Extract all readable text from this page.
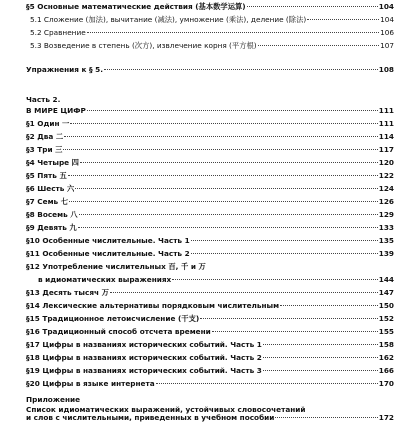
§5 Основные математические действия (基本数学运算)	104
5.1 Сложение (加法), вычитание (减法), умножение (乘法), деление (除法)	104
5.2 Сравнение	106
5.3 Возведение в степень (次方), извлечение корня (平方根)	107
Упражнения к § 5.	108
Часть 2.
В МИРЕ ЦИФР	111
§1 Один 一	111
§2 Два 二	114
§3 Три 三	117
§4 Четыре 四	120
§5 Пять 五	122
§6 Шесть 六	124
§7 Семь 七	126
§8 Восемь 八	129
§9 Девять 九	133
§10 Особенные числительные. Часть 1	135
§11 Особенные числительные. Часть 2	139
§12 Употребление числительных 百, 千 и 万
в идиоматических выражениях	144
§13 Десять тысяч 万	147
§14 Лексические альтернативы порядковым числительным	150
§15 Традиционное летоисчисление (干支)	152
§16 Традиционный способ отсчета времени	155
§17 Цифры в названиях исторических событий. Часть 1	158
§18 Цифры в названиях исторических событий. Часть 2	162
§19 Цифры в названиях исторических событий. Часть 3	166
§20 Цифры в языке интернета	170
Приложение
Список идиоматических выражений, устойчивых словосочетаний
и слов с числительными, приведенных в учебном пособии	172
